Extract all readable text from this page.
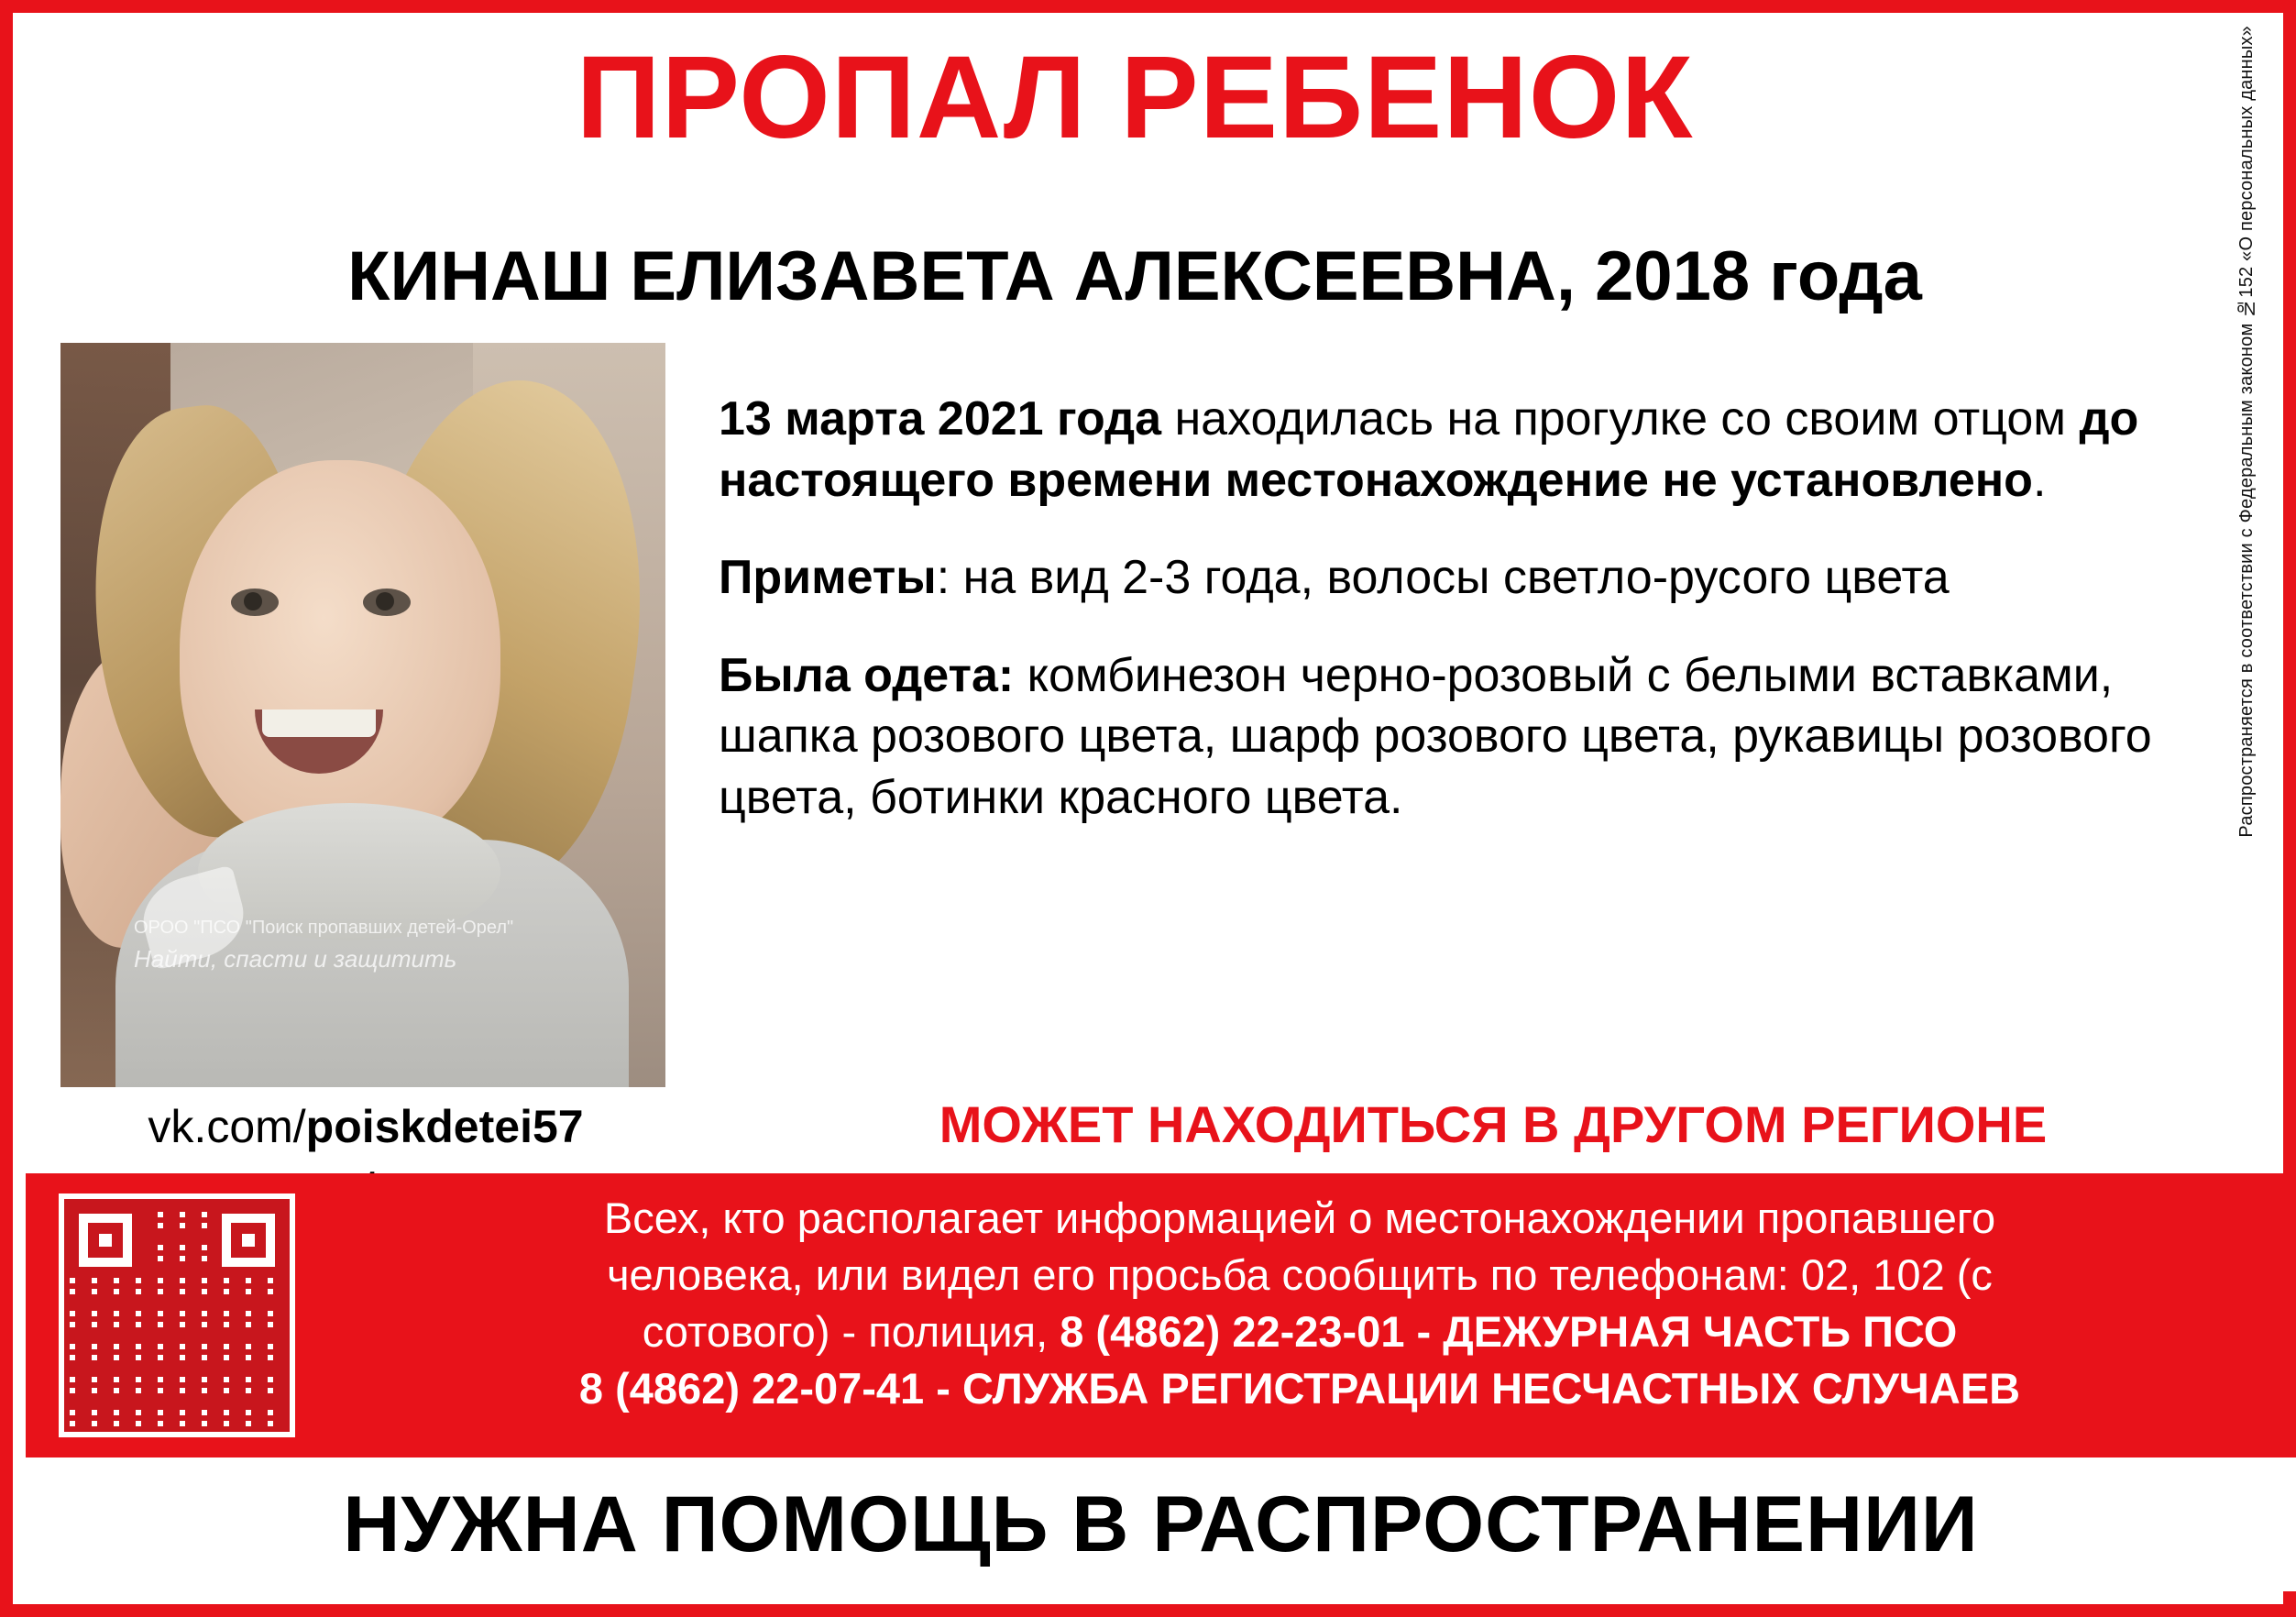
Распространяется в соответствии с Федеральным законом №152 «О персональных данных»
ПРОПАЛ РЕБЕНОК
КИНАШ ЕЛИЗАВЕТА АЛЕКСЕЕВНА, 2018 года
ОРОО "ПСО "Поиск пропавших детей-Орел"
Найти, спасти и защитить
vk.com/poiskdetei57

13 марта 2021 года находилась на прогулке со своим отцом до настоящего времени местонахождение не установлено.

Приметы: на вид 2-3 года, волосы светло-русого цвета

Была одета: комбинезон черно-розовый с белыми вставками, шапка розового цвета, шарф розового цвета, рукавицы розового цвета, ботинки красного цвета.

МОЖЕТ НАХОДИТЬСЯ В ДРУГОМ РЕГИОНЕ
Всех, кто располагает информацией о местонахождении пропавшего
человека, или видел его просьба сообщить по телефонам: 02, 102 (с
сотового) - полиция, 8 (4862) 22-23-01 - ДЕЖУРНАЯ ЧАСТЬ ПСО
8 (4862) 22-07-41 - СЛУЖБА РЕГИСТРАЦИИ НЕСЧАСТНЫХ СЛУЧАЕВ
НУЖНА ПОМОЩЬ В РАСПРОСТРАНЕНИИ
